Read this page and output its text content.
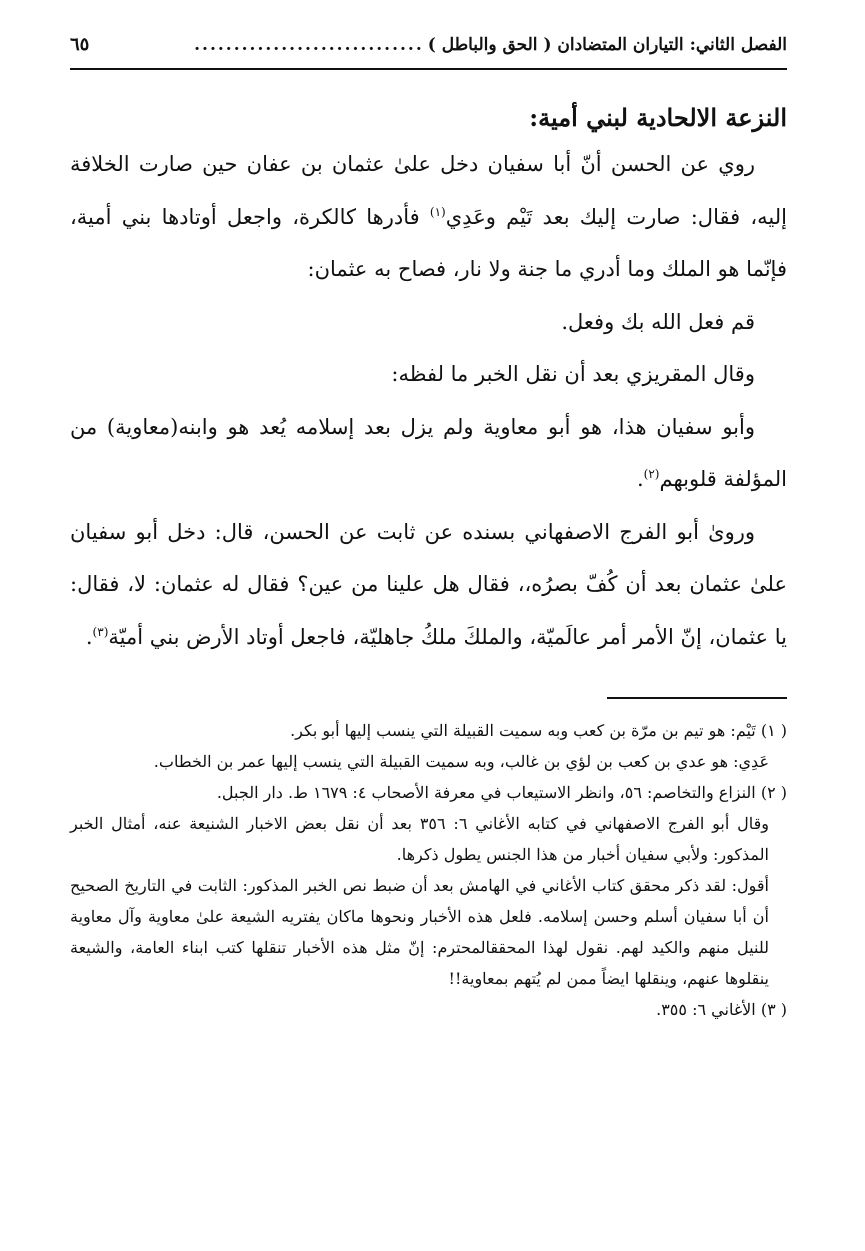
الفصل الثاني: التياران المتضادان ( الحق والباطل )
.............................
٦٥
النزعة الالحادية لبني أمية:

روي عن الحسن أنّ أبا سفيان دخل علىٰ عثمان بن عفان حين صارت الخلافة إليه، فقال: صارت إليك بعد تَيْم وعَدِي$^{(١)}$ فأدرها كالكرة، واجعل أوتادها بني أمية، فإنّما هو الملك وما أدري ما جنة ولا نار، فصاح به عثمان:

قم فعل الله بك وفعل.

وقال المقريزي بعد أن نقل الخبر ما لفظه:

وأبو سفيان هذا، هو أبو معاوية ولم يزل بعد إسلامه يُعد هو وابنه(معاوية) من المؤلفة قلوبهم$^{(٢)}$.

وروىٰ أبو الفرج الاصفهاني بسنده عن ثابت عن الحسن، قال: دخل أبو سفيان علىٰ عثمان بعد أن كُفّ بصرُه،، فقال هل علينا من عين؟ فقال له عثمان: لا، فقال: يا عثمان، إنّ الأمر أمر عالَميّة، والملكَ ملكُ جاهليّة، فاجعل أوتاد الأرض بني أميّة$^{(٣)}$.

( ١) تَيْم: هو تيم بن مرّة بن كعب وبه سميت القبيلة التي ينسب إليها أبو بكر.

عَدِي: هو عدي بن كعب بن لؤي بن غالب، وبه سميت القبيلة التي ينسب إليها عمر بن الخطاب.

( ٢) النزاع والتخاصم: ٥٦، وانظر الاستيعاب في معرفة الأصحاب ٤: ١٦٧٩ ط. دار الجبل.

وقال أبو الفرج الاصفهاني في كتابه الأغاني ٦: ٣٥٦ بعد أن نقل بعض الاخبار الشنيعة عنه، أمثال الخبر المذكور: ولأبي سفيان أخبار من هذا الجنس يطول ذكرها.

أقول: لقد ذكر محقق كتاب الأغاني في الهامش بعد أن ضبط نص الخبر المذكور: الثابت في التاريخ الصحيح أن أبا سفيان أسلم وحسن إسلامه. فلعل هذه الأخبار ونحوها ماكان يفتريه الشيعة علىٰ معاوية وآل معاوية للنيل منهم والكيد لهم. نقول لهذا المحققالمحترم: إنّ مثل هذه الأخبار تنقلها كتب ابناء العامة، والشيعة ينقلوها عنهم، وينقلها ايضاً ممن لم يُتهم بمعاوية!!

( ٣) الأغاني ٦: ٣٥٥.
